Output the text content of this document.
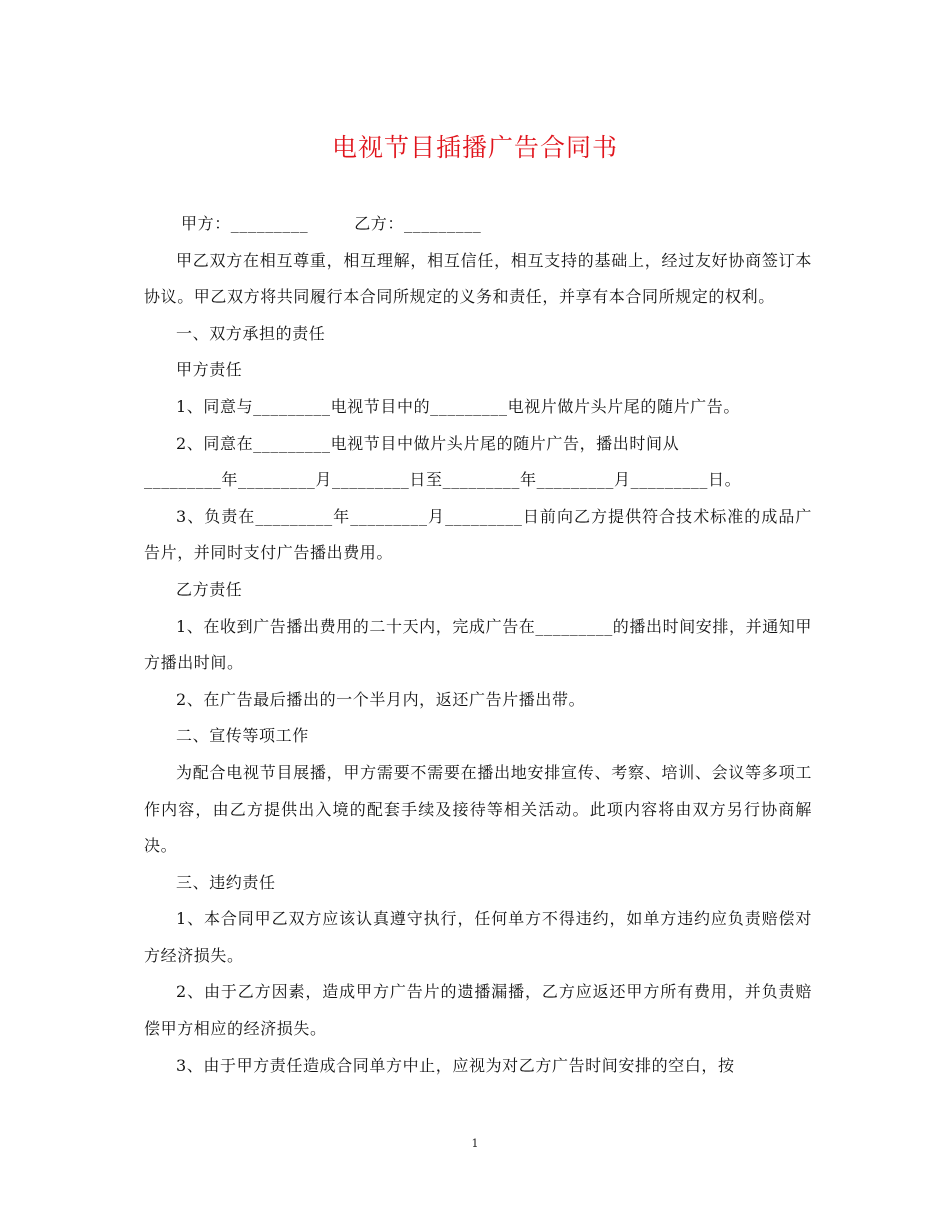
电视节目插播广告合同书
甲方：_________	乙方：_________

甲乙双方在相互尊重，相互理解，相互信任，相互支持的基础上，经过友好协商签订本协议。甲乙双方将共同履行本合同所规定的义务和责任，并享有本合同所规定的权利。

一、双方承担的责任

甲方责任

1、同意与_________电视节目中的_________电视片做片头片尾的随片广告。

2、同意在_________电视节目中做片头片尾的随片广告，播出时间从

_________年_________月_________日至_________年_________月_________日。

3、负责在_________年_________月_________日前向乙方提供符合技术标准的成品广告片，并同时支付广告播出费用。

乙方责任

1、在收到广告播出费用的二十天内，完成广告在_________的播出时间安排，并通知甲方播出时间。

2、在广告最后播出的一个半月内，返还广告片播出带。

二、宣传等项工作

为配合电视节目展播，甲方需要不需要在播出地安排宣传、考察、培训、会议等多项工作内容，由乙方提供出入境的配套手续及接待等相关活动。此项内容将由双方另行协商解决。

三、违约责任

1、本合同甲乙双方应该认真遵守执行，任何单方不得违约，如单方违约应负责赔偿对方经济损失。

2、由于乙方因素，造成甲方广告片的遗播漏播，乙方应返还甲方所有费用，并负责赔偿甲方相应的经济损失。

3、由于甲方责任造成合同单方中止，应视为对乙方广告时间安排的空白，按

1
